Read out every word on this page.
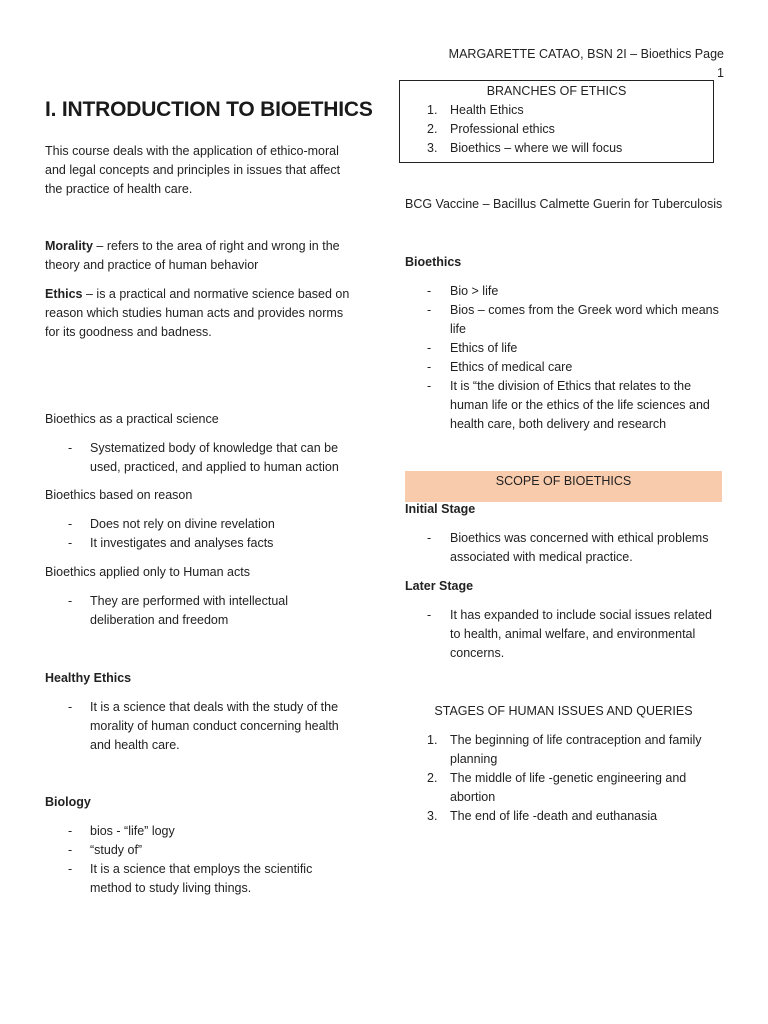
MARGARETTE CATAO, BSN 2I – Bioethics Page 1
I. INTRODUCTION TO BIOETHICS

This course deals with the application of ethico-moral and legal concepts and principles in issues that affect the practice of health care.

Morality – refers to the area of right and wrong in the theory and practice of human behavior

Ethics – is a practical and normative science based on reason which studies human acts and provides norms for its goodness and badness.

Bioethics as a practical science

- Systematized body of knowledge that can be used, practiced, and applied to human action

Bioethics based on reason

- Does not rely on divine revelation
- It investigates and analyses facts

Bioethics applied only to Human acts

- They are performed with intellectual deliberation and freedom

Healthy Ethics

- It is a science that deals with the study of the morality of human conduct concerning health and health care.

Biology

- bios - “life” logy
- “study of”
- It is a science that employs the scientific method to study living things.
BRANCHES OF ETHICS
1. Health Ethics
2. Professional ethics
3. Bioethics – where we will focus
BCG Vaccine – Bacillus Calmette Guerin for Tuberculosis

Bioethics

- Bio > life
- Bios – comes from the Greek word which means life
- Ethics of life
- Ethics of medical care
- It is “the division of Ethics that relates to the human life or the ethics of the life sciences and health care, both delivery and research
SCOPE OF BIOETHICS

Initial Stage

- Bioethics was concerned with ethical problems associated with medical practice.

Later Stage

- It has expanded to include social issues related to health, animal welfare, and environmental concerns.
STAGES OF HUMAN ISSUES AND QUERIES
1. The beginning of life contraception and family planning
2. The middle of life -genetic engineering and abortion
3. The end of life -death and euthanasia
